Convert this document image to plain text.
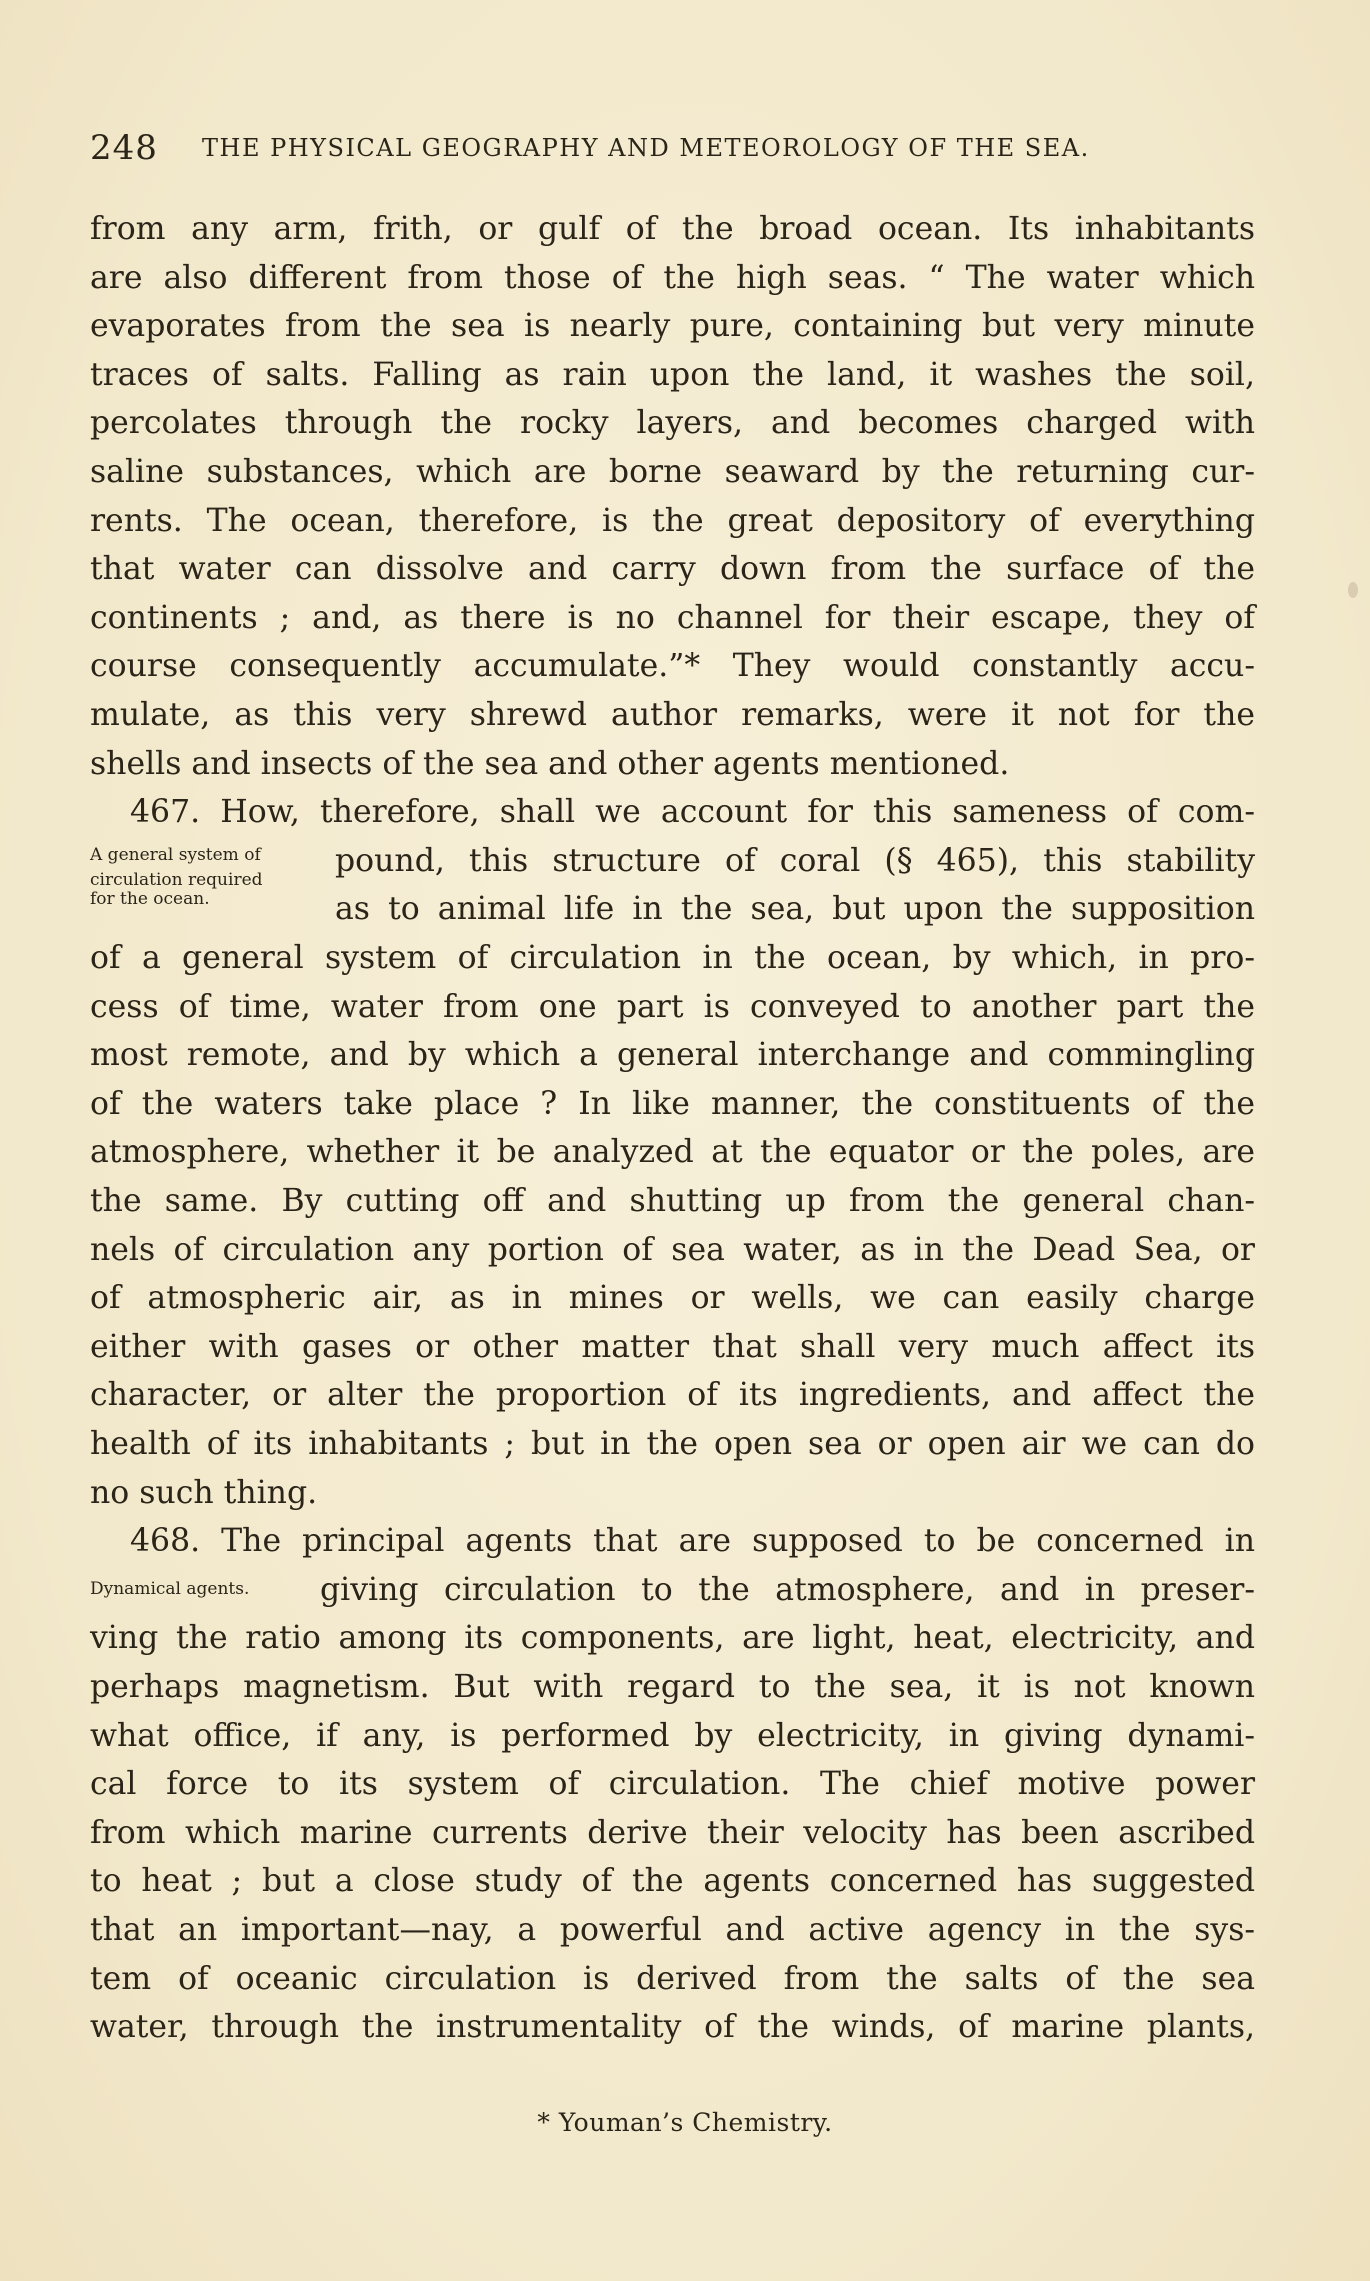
248 THE PHYSICAL GEOGRAPHY AND METEOROLOGY OF THE SEA.
from any arm, frith, or gulf of the broad ocean. Its inhabitants
are also different from those of the high seas. “ The water which
evaporates from the sea is nearly pure, containing but very minute
traces of salts. Falling as rain upon the land, it washes the soil,
percolates through the rocky layers, and becomes charged with
saline substances, which are borne seaward by the returning cur-
rents. The ocean, therefore, is the great depository of everything
that water can dissolve and carry down from the surface of the
continents ; and, as there is no channel for their escape, they of
course consequently accumulate.”* They would constantly accu-
mulate, as this very shrewd author remarks, were it not for the
shells and insects of the sea and other agents mentioned.
467. How, therefore, shall we account for this sameness of com-
A general system of pound, this structure of coral (§ 465), this stability
circulation required
for the ocean.	as to animal life in the sea, but upon the supposition
of a general system of circulation in the ocean, by which, in pro-
cess of time, water from one part is conveyed to another part the
most remote, and by which a general interchange and commingling
of the waters take place ? In like manner, the constituents of the
atmosphere, whether it be analyzed at the equator or the poles, are
the same. By cutting off and shutting up from the general chan-
nels of circulation any portion of sea water, as in the Dead Sea, or
of atmospheric air, as in mines or wells, we can easily charge
either with gases or other matter that shall very much affect its
character, or alter the proportion of its ingredients, and affect the
health of its inhabitants ; but in the open sea or open air we can do
no such thing.
468. The principal agents that are supposed to be concerned in
Dynamical agents. giving circulation to the atmosphere, and in preser-
ving the ratio among its components, are light, heat, electricity, and
perhaps magnetism. But with regard to the sea, it is not known
what office, if any, is performed by electricity, in giving dynami-
cal force to its system of circulation. The chief motive power
from which marine currents derive their velocity has been ascribed
to heat ; but a close study of the agents concerned has suggested
that an important—nay, a powerful and active agency in the sys-
tem of oceanic circulation is derived from the salts of the sea
water, through the instrumentality of the winds, of marine plants,
* Youman’s Chemistry.
